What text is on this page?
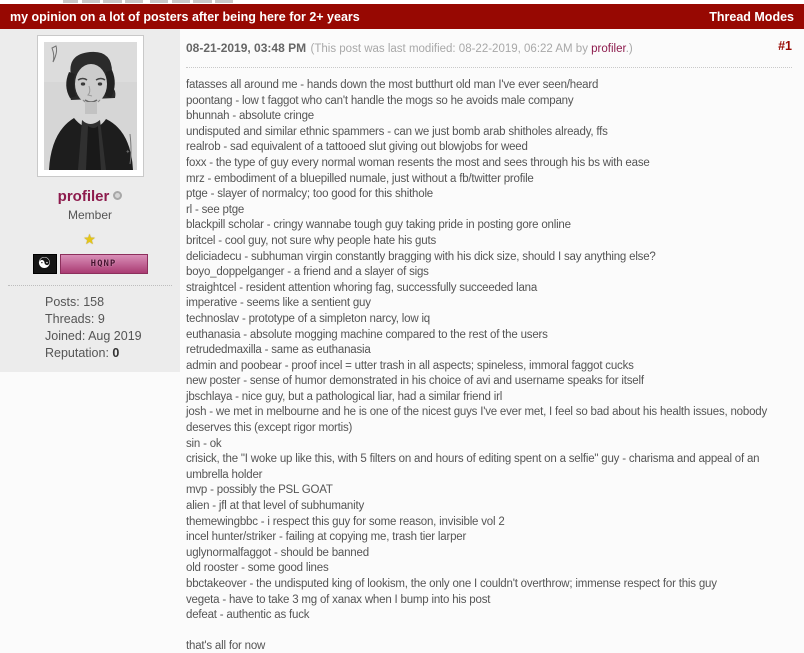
my opinion on a lot of posters after being here for 2+ years	Thread Modes
✦
profiler
Member
★
☯	HQNP
Posts: 158
Threads: 9
Joined: Aug 2019
Reputation: 0
08-21-2019, 03:48 PM (This post was last modified: 08-22-2019, 06:22 AM by profiler.)	#1
fatasses all around me - hands down the most butthurt old man I've ever seen/heard
poontang - low t faggot who can't handle the mogs so he avoids male company
bhunnah - absolute cringe
undisputed and similar ethnic spammers - can we just bomb arab shitholes already, ffs
realrob - sad equivalent of a tattooed slut giving out blowjobs for weed
foxx - the type of guy every normal woman resents the most and sees through his bs with ease
mrz - embodiment of a bluepilled numale, just without a fb/twitter profile
ptge - slayer of normalcy; too good for this shithole
rl - see ptge
blackpill scholar - cringy wannabe tough guy taking pride in posting gore online
britcel - cool guy, not sure why people hate his guts
deliciadecu - subhuman virgin constantly bragging with his dick size, should I say anything else?
boyo_doppelganger - a friend and a slayer of sigs
straightcel - resident attention whoring fag, successfully succeeded lana
imperative - seems like a sentient guy
technoslav - prototype of a simpleton narcy, low iq
euthanasia - absolute mogging machine compared to the rest of the users
retrudedmaxilla - same as euthanasia
admin and poobear - proof incel = utter trash in all aspects; spineless, immoral faggot cucks
new poster - sense of humor demonstrated in his choice of avi and username speaks for itself
jbschlaya - nice guy, but a pathological liar, had a similar friend irl
josh - we met in melbourne and he is one of the nicest guys I've ever met, I feel so bad about his health issues, nobody deserves this (except rigor mortis)
sin - ok
crisick, the "I woke up like this, with 5 filters on and hours of editing spent on a selfie" guy - charisma and appeal of an umbrella holder
mvp - possibly the PSL GOAT
alien - jfl at that level of subhumanity
themewingbbc - i respect this guy for some reason, invisible vol 2
incel hunter/striker - failing at copying me, trash tier larper
uglynormalfaggot - should be banned
old rooster - some good lines
bbctakeover - the undisputed king of lookism, the only one I couldn't overthrow; immense respect for this guy
vegeta - have to take 3 mg of xanax when I bump into his post
defeat - authentic as fuck

that's all for now
